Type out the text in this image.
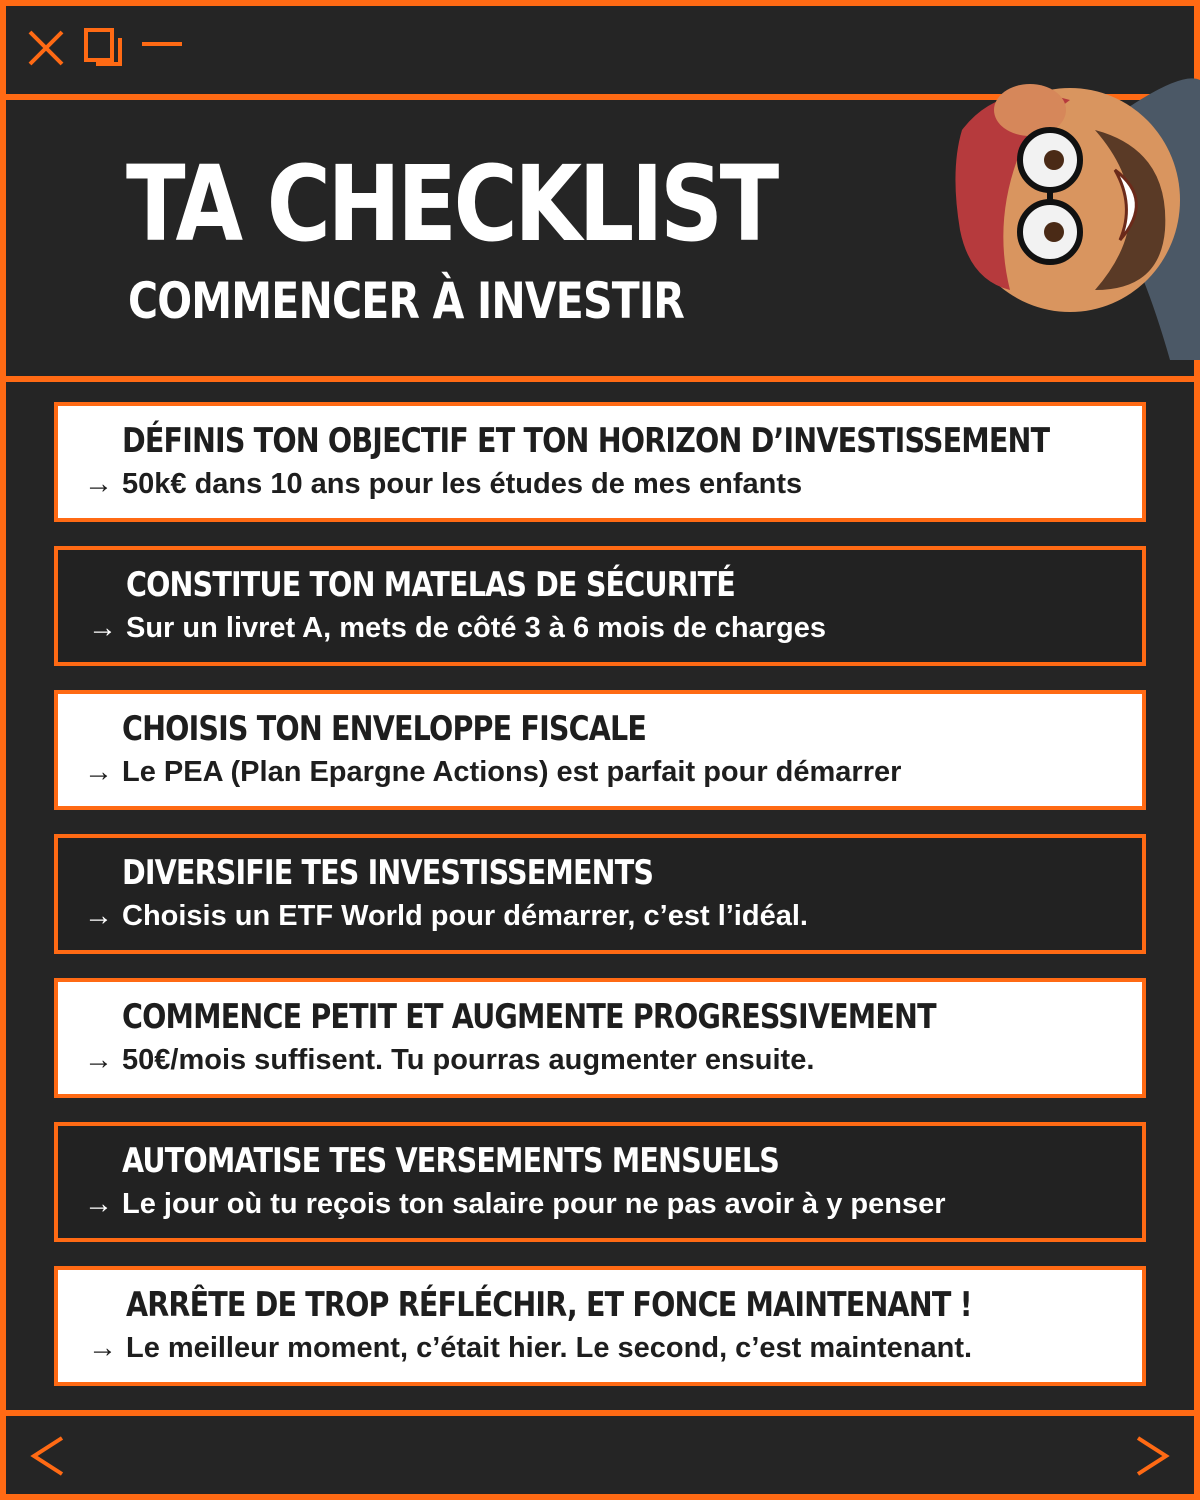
TA CHECKLIST
COMMENCER À INVESTIR
DÉFINIS TON OBJECTIF ET TON HORIZON D’INVESTISSEMENT
→ 50k€ dans 10 ans pour les études de mes enfants
CONSTITUE TON MATELAS DE SÉCURITÉ
→ Sur un livret A, mets de côté 3 à 6 mois de charges
CHOISIS TON ENVELOPPE FISCALE
→ Le PEA (Plan Epargne Actions) est parfait pour démarrer
DIVERSIFIE TES INVESTISSEMENTS
→ Choisis un ETF World pour démarrer, c’est l’idéal.
COMMENCE PETIT ET AUGMENTE PROGRESSIVEMENT
→ 50€/mois suffisent. Tu pourras augmenter ensuite.
AUTOMATISE TES VERSEMENTS MENSUELS
→ Le jour où tu reçois ton salaire pour ne pas avoir à y penser
ARRÊTE DE TROP RÉFLÉCHIR, ET FONCE MAINTENANT !
→ Le meilleur moment, c’était hier. Le second, c’est maintenant.
